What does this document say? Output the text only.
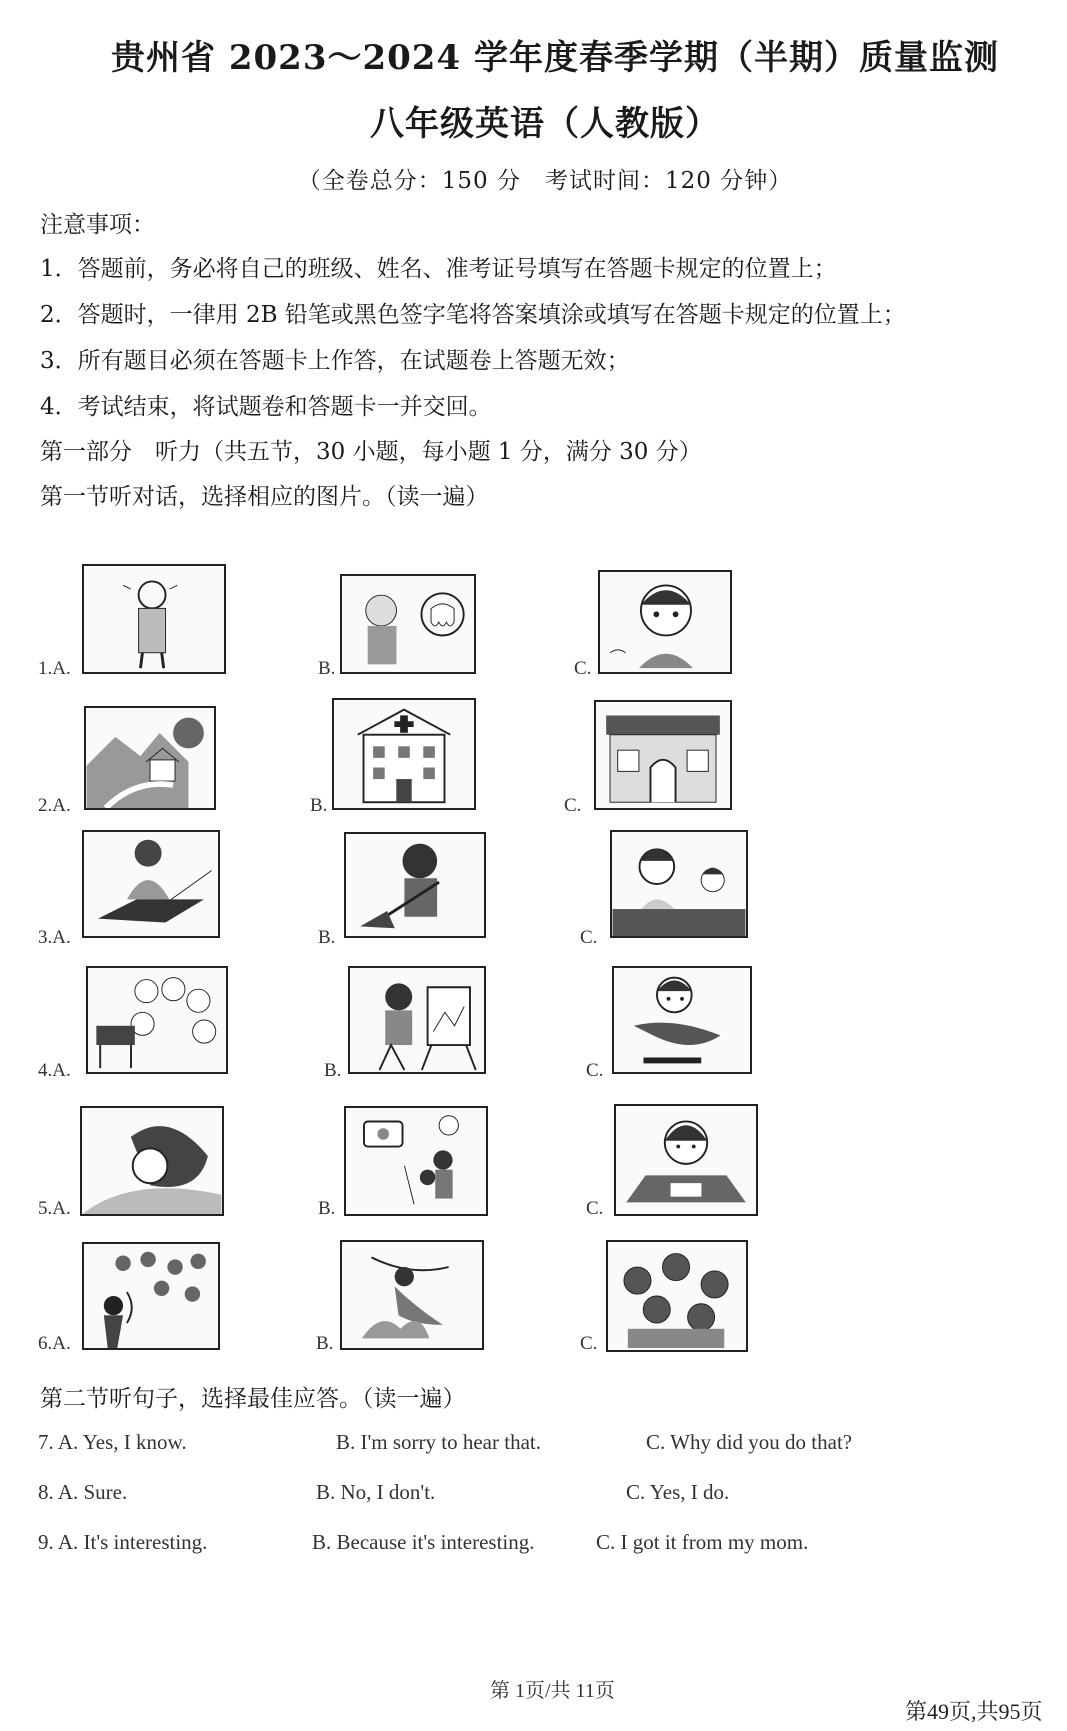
贵州省 2023～2024 学年度春季学期（半期）质量监测
八年级英语（人教版）
（全卷总分：150 分　考试时间：120 分钟）
注意事项：
1．答题前，务必将自己的班级、姓名、准考证号填写在答题卡规定的位置上；
2．答题时，一律用 2B 铅笔或黑色签字笔将答案填涂或填写在答题卡规定的位置上；
3．所有题目必须在答题卡上作答，在试题卷上答题无效；
4．考试结束，将试题卷和答题卡一并交回。
第一部分　听力（共五节，30 小题，每小题 1 分，满分 30 分）
第一节听对话，选择相应的图片。（读一遍）
1.A.	B.	C.
2.A.	B.	C.
3.A.	B.	C.
4.A.	B.	C.
5.A.	B.	C.
6.A.	B.	C.
第二节听句子，选择最佳应答。（读一遍）
7. A. Yes, I know.	B. I'm sorry to hear that.	C. Why did you do that?
8. A. Sure.	B. No, I don't.	C. Yes, I do.
9. A. It's interesting.	B. Because it's interesting.	C. I got it from my mom.
第 1页/共 11页
第49页,共95页
